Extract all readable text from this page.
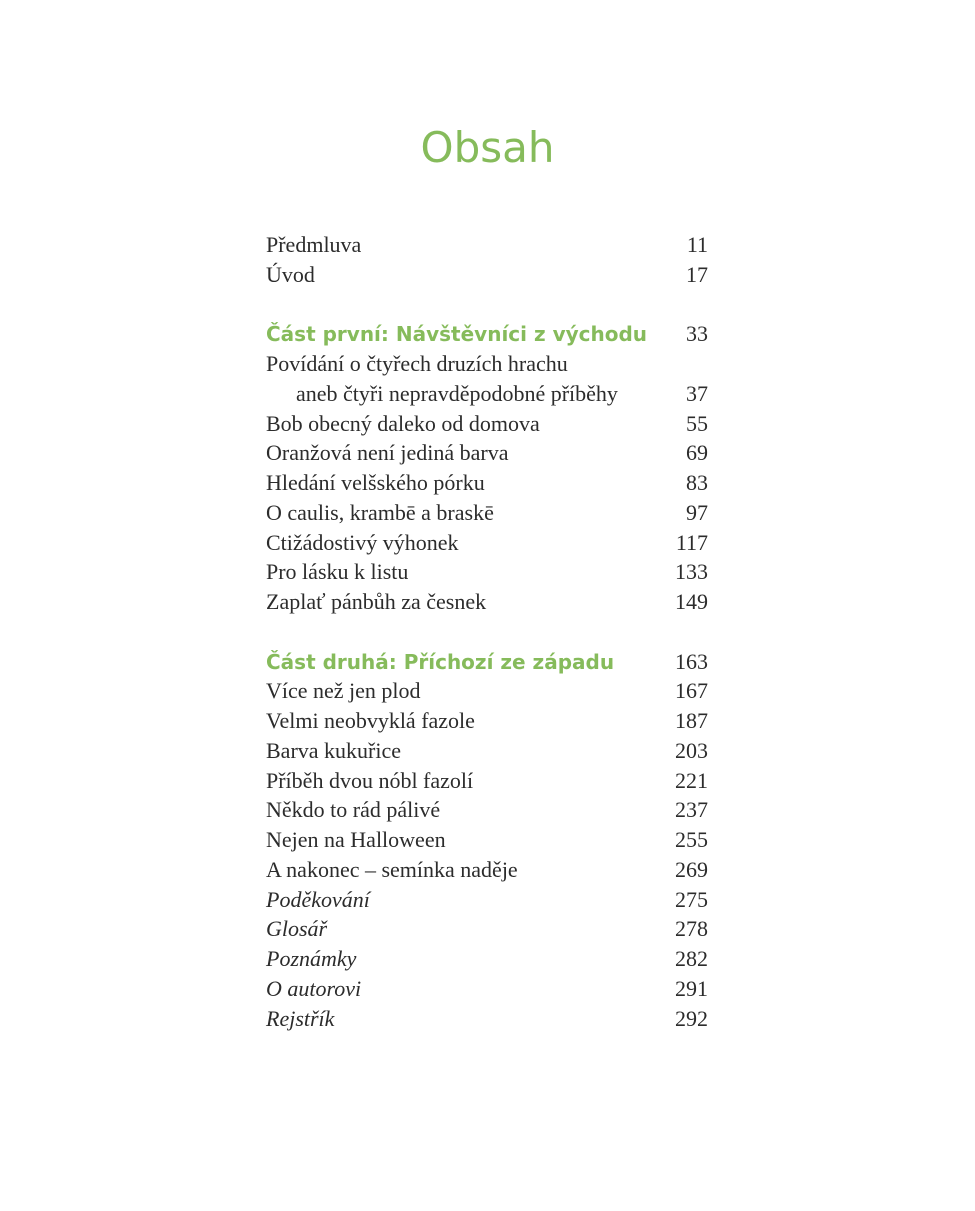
Obsah
Předmluva	11
Úvod	17
Část první: Návštěvníci z východu 33
Povídání o čtyřech druzích hrachu
aneb čtyři nepravděpodobné příběhy	37
Bob obecný daleko od domova	55
Oranžová není jediná barva	69
Hledání velšského pórku	83
O caulis, krambē a braskē	97
Ctižádostivý výhonek	117
Pro lásku k listu	133
Zaplať pánbůh za česnek	149
Část druhá: Příchozí ze západu	163
Více než jen plod	167
Velmi neobvyklá fazole	187
Barva kukuřice	203
Příběh dvou nóbl fazolí	221
Někdo to rád pálivé	237
Nejen na Halloween	255
A nakonec – semínka naděje	269
Poděkování	275
Glosář	278
Poznámky	282
O autorovi	291
Rejstřík	292
